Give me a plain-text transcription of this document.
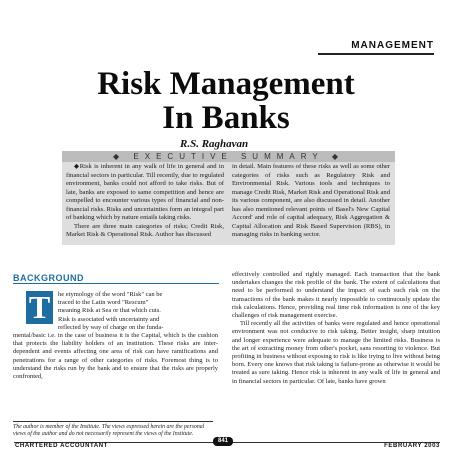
MANAGEMENT
Risk Management
In Banks
R.S. Raghavan
◆ EXECUTIVE SUMMARY ◆

◆Risk is inherent in any walk of life in general and in financial sectors in particular. Till recently, due to regulated environment, banks could not afford to take risks. But of late, banks are exposed to same competition and hence are compelled to encounter various types of financial and non-financial risks. Risks and uncertainties form an integral part of banking which by nature entails taking risks.

There are three main categories of risks; Credit Risk, Market Risk & Operational Risk. Author has discussed

in detail. Main features of these risks as well as some other categories of risks such as Regulatory Risk and Environmental Risk. Various tools and techniques to manage Credit Risk, Market Risk and Operational Risk and its various component, are also discussed in detail. Another has also mentioned relevant points of Basel's New Capital Accord' and role of capital adequacy, Risk Aggregation & Capital Allocation and Risk Based Supervision (RBS), in managing risks in banking sector.

BACKGROUND
T	he etymology of the word "Risk" can be

traced to the Latin word "Rescum"

meaning Risk at Sea or that which cuts.

Risk is associated with uncertainty and

reflected by way of charge on the funda-

mental/basic i.e. in the case of business it is the Capital, which is the cushion that protects the liability holders of an institution. These risks are inter-dependent and events affecting one area of risk can have ramifications and penetrations for a range of other categories of risks. Foremost thing is to understand the risks run by the bank and to ensure that the risks are properly confronted,

effectively controlled and rightly managed. Each transaction that the bank undertakes changes the risk profile of the bank. The extent of calculations that need to be performed to understand the impact of each such risk on the transactions of the bank makes it nearly impossible to continuously update the risk calculations. Hence, providing real time risk information is one of the key challenges of risk management exercise.

Till recently all the activities of banks were regulated and hence operational environment was not conducive to risk taking. Better insight, sharp intuition and longer experience were adequate to manage the limited risks. Business is the art of extracting money from other's pocket, sans resorting to violence. But profiting in business without exposing to risk is like trying to live without being born. Every one knows that risk taking is failure-prone as otherwise it would be treated as sure taking. Hence risk is inherent in any walk of life in general and in financial sectors in particular. Of late, banks have grown

The author is member of the Institute. The views expressed herein are the personal views of the author and do not necessarily represent the views of the Institute.
CHARTERED ACCOUNTANT
841
FEBRUARY 2003
